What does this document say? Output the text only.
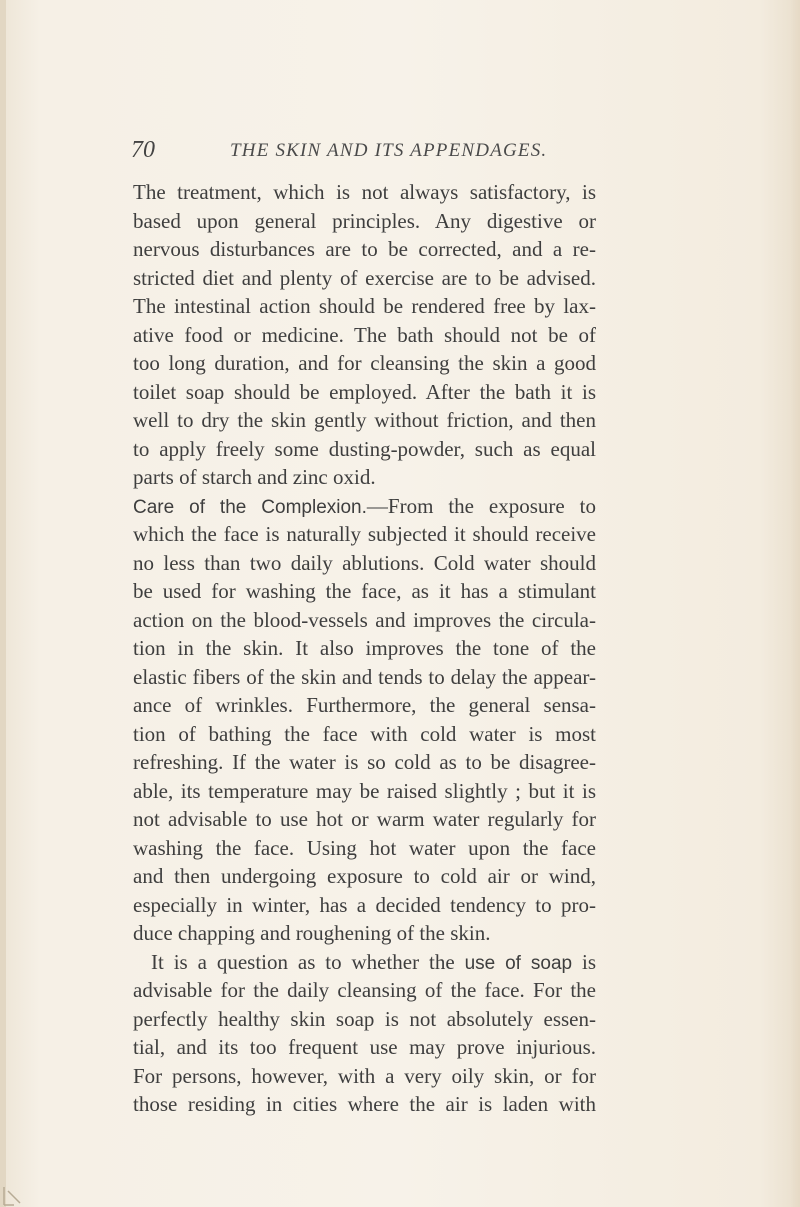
70	THE SKIN AND ITS APPENDAGES.
The treatment, which is not always satisfactory, is
based upon general principles. Any digestive or
nervous disturbances are to be corrected, and a re-
stricted diet and plenty of exercise are to be advised.
The intestinal action should be rendered free by lax-
ative food or medicine. The bath should not be of
too long duration, and for cleansing the skin a good
toilet soap should be employed. After the bath it is
well to dry the skin gently without friction, and then
to apply freely some dusting-powder, such as equal
parts of starch and zinc oxid.
Care of the Complexion.—From the exposure to
which the face is naturally subjected it should receive
no less than two daily ablutions. Cold water should
be used for washing the face, as it has a stimulant
action on the blood-vessels and improves the circula-
tion in the skin. It also improves the tone of the
elastic fibers of the skin and tends to delay the appear-
ance of wrinkles. Furthermore, the general sensa-
tion of bathing the face with cold water is most
refreshing. If the water is so cold as to be disagree-
able, its temperature may be raised slightly ; but it is
not advisable to use hot or warm water regularly for
washing the face. Using hot water upon the face
and then undergoing exposure to cold air or wind,
especially in winter, has a decided tendency to pro-
duce chapping and roughening of the skin.
It is a question as to whether the use of soap is
advisable for the daily cleansing of the face. For the
perfectly healthy skin soap is not absolutely essen-
tial, and its too frequent use may prove injurious.
For persons, however, with a very oily skin, or for
those residing in cities where the air is laden with
